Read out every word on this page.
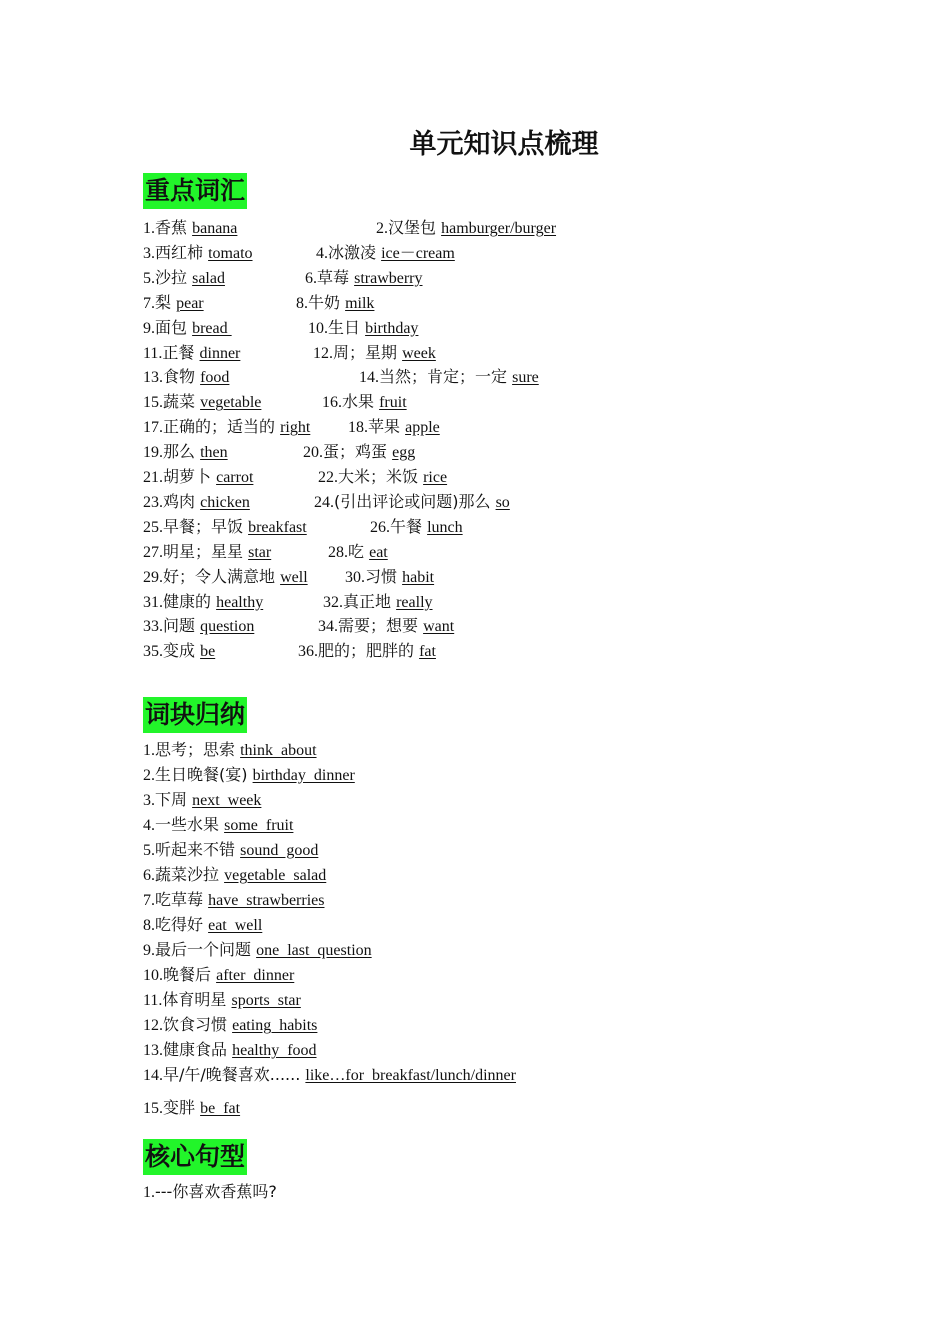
单元知识点梳理
重点词汇
词块归纳
核心句型
1.香蕉 banana	2.汉堡包 hamburger/burger
3.西红柿 tomato	4.冰激凌 ice－cream
5.沙拉 salad	6.草莓 strawberry
7.梨 pear	8.牛奶 milk
9.面包 bread	10.生日 birthday
11.正餐 dinner	12.周；星期 week
13.食物 food	14.当然；肯定；一定 sure
15.蔬菜 vegetable	16.水果 fruit
17.正确的；适当的 right 18.苹果 apple
19.那么 then	20.蛋；鸡蛋 egg
21.胡萝卜 carrot	22.大米；米饭 rice
23.鸡肉 chicken	24.(引出评论或问题)那么 so
25.早餐；早饭 breakfast	26.午餐 lunch
27.明星；星星 star	28.吃 eat
29.好；令人满意地 well 30.习惯 habit
31.健康的 healthy	32.真正地 really
33.问题 question	34.需要；想要 want
35.变成 be	36.肥的；肥胖的 fat
1.思考；思索 think  about
2.生日晚餐(宴) birthday  dinner
3.下周 next  week
4.一些水果 some  fruit
5.听起来不错 sound  good
6.蔬菜沙拉 vegetable  salad
7.吃草莓 have  strawberries
8.吃得好 eat  well
9.最后一个问题 one  last  question
10.晚餐后 after  dinner
11.体育明星 sports  star
12.饮食习惯 eating  habits
13.健康食品 healthy  food
14.早/午/晚餐喜欢...... like…for  breakfast/lunch/dinner
15.变胖 be  fat
1.---你喜欢香蕉吗?
